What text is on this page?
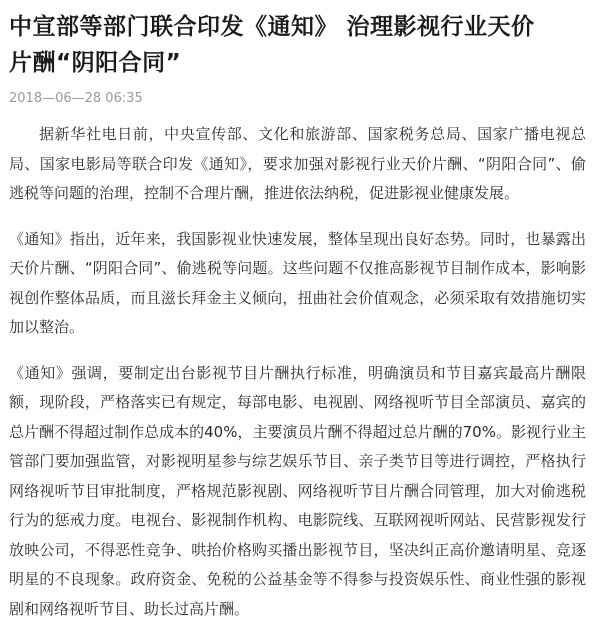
中宣部等部门联合印发《通知》 治理影视行业天价
片酬“阴阳合同”
2018—06—28 06:35

据新华社电日前，中央宣传部、文化和旅游部、国家税务总局、国家广播电视总局、国家电影局等联合印发《通知》，要求加强对影视行业天价片酬、“阴阳合同”、偷逃税等问题的治理，控制不合理片酬，推进依法纳税，促进影视业健康发展。

《通知》指出，近年来，我国影视业快速发展，整体呈现出良好态势。同时，也暴露出天价片酬、“阴阳合同”、偷逃税等问题。这些问题不仅推高影视节目制作成本，影响影视创作整体品质，而且滋长拜金主义倾向，扭曲社会价值观念，必须采取有效措施切实加以整治。

《通知》强调，要制定出台影视节目片酬执行标准，明确演员和节目嘉宾最高片酬限额，现阶段，严格落实已有规定，每部电影、电视剧、网络视听节目全部演员、嘉宾的总片酬不得超过制作总成本的40%，主要演员片酬不得超过总片酬的70%。影视行业主管部门要加强监管，对影视明星参与综艺娱乐节目、亲子类节目等进行调控，严格执行网络视听节目审批制度，严格规范影视剧、网络视听节目片酬合同管理，加大对偷逃税行为的惩戒力度。电视台、影视制作机构、电影院线、互联网视听网站、民营影视发行放映公司，不得恶性竞争、哄抬价格购买播出影视节目，坚决纠正高价邀请明星、竞逐明星的不良现象。政府资金、免税的公益基金等不得参与投资娱乐性、商业性强的影视剧和网络视听节目、助长过高片酬。
